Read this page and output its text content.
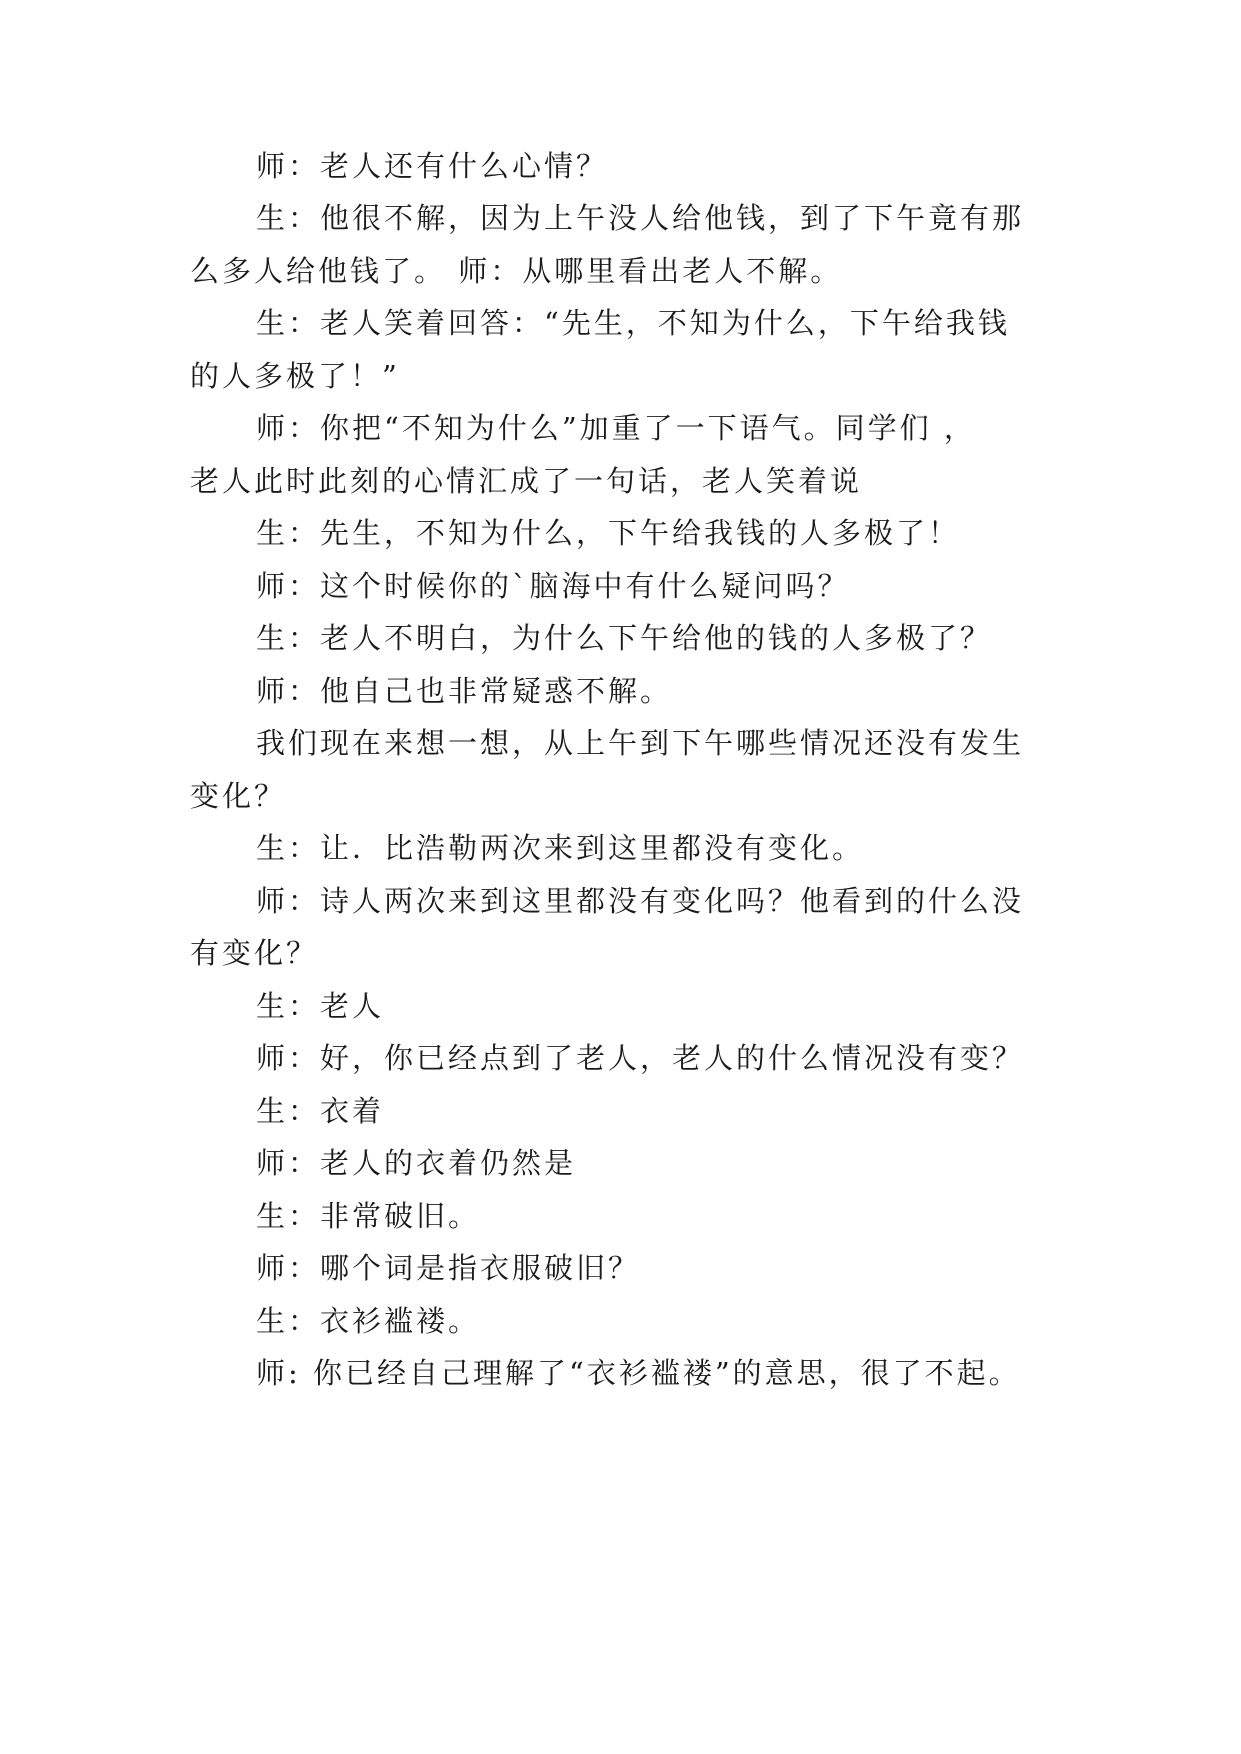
师：老人还有什么心情？
生：他很不解，因为上午没人给他钱，到了下午竟有那
么多人给他钱了。 师：从哪里看出老人不解。
生：老人笑着回答：“先生，不知为什么，下午给我钱
的人多极了！”
师：你把“不知为什么”加重了一下语气。同学们 ，
老人此时此刻的心情汇成了一句话，老人笑着说
生：先生，不知为什么，下午给我钱的人多极了！
师：这个时候你的`脑海中有什么疑问吗？
生：老人不明白，为什么下午给他的钱的人多极了？
师：他自己也非常疑惑不解。
我们现在来想一想，从上午到下午哪些情况还没有发生
变化？
生：让．比浩勒两次来到这里都没有变化。
师：诗人两次来到这里都没有变化吗？他看到的什么没
有变化？
生：老人
师：好，你已经点到了老人，老人的什么情况没有变？
生：衣着
师：老人的衣着仍然是
生：非常破旧。
师：哪个词是指衣服破旧？
生：衣衫褴褛。
师: 你已经自己理解了“衣衫褴褛”的意思，很了不起。
